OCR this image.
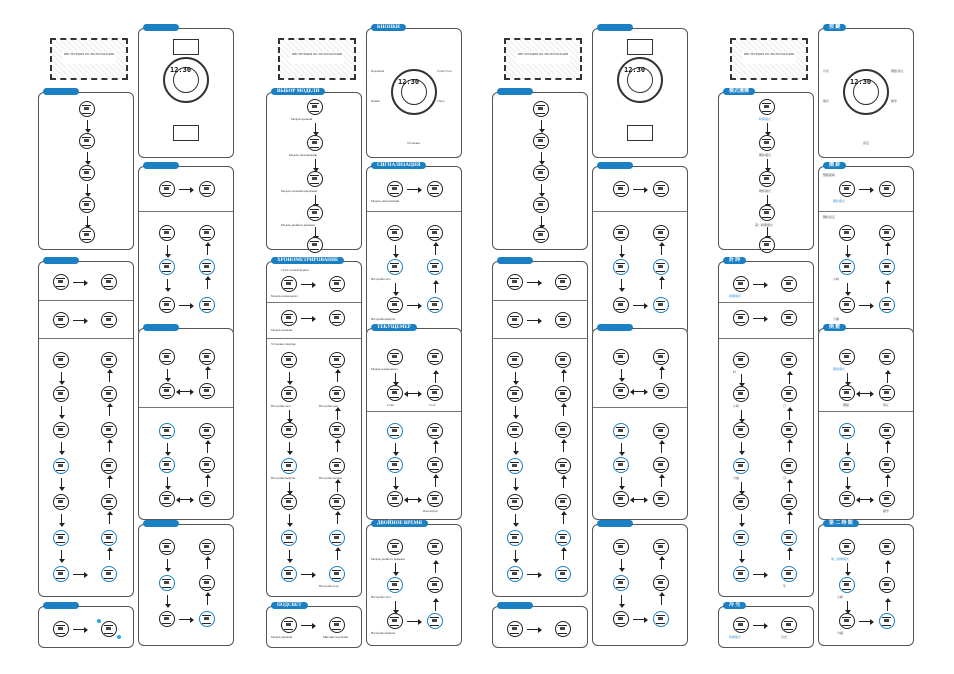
ИНСТРУКЦИЯ ПО ЭКСПЛУАТАЦИИ
12:30
ИНСТРУКЦИЯ ПО ЭКСПЛУАТАЦИИ
ВЫБОР МОДЕЛИ
Модель времени
Модель сигнализации
Модель хронометрирования
Модель двойного времени
ХРОНОМЕТРИРОВАНИЕ
12/24 часовой формат
Модель нормального
Модель времени
Установка секунды
Настройка часа	Настройка дня
Настройка минуты	Настройка месяца
Настройка года
ПОДСВЕТ
Модель времени	Мигание подсветки
КНОПКИ
12:30
Подсветка
Режим
Старт/Стоп
Сброс
Установка
СИГНАЛИЗАЦИЯ
Модель сигнализации
Настройка часа
Настройка минуты
ТЕКУЩЕМЕР
Модель нормального
Старт	Стоп
Перезапуск
ДВОЙНОЕ ВРЕМЯ
Модель двойного времени
Настройка часа
Настройка минуты
ИНСТРУКЦИЯ ПО ЭКСПЛУАТАЦИИ
12:30
ИНСТРУКЦИЯ ПО ЭКСПЛУАТАЦИИ
模式選擇
時間模式
鬧鈴模式
碼錶模式
第二時間模式
計 時
時間模式
秒
小時	日
分鐘	月
年
冷 光
時間模式	冷光
按 鍵
12:30
冷光
模式
開始/停止
歸零
設定
鬧 鈴
整點報時
鬧鈴模式
鬧鈴設定
小時
分鐘
倒 數
碼錶模式
開始	停止
歸零
第 二 時 間
第二時間模式
小時
分鐘
